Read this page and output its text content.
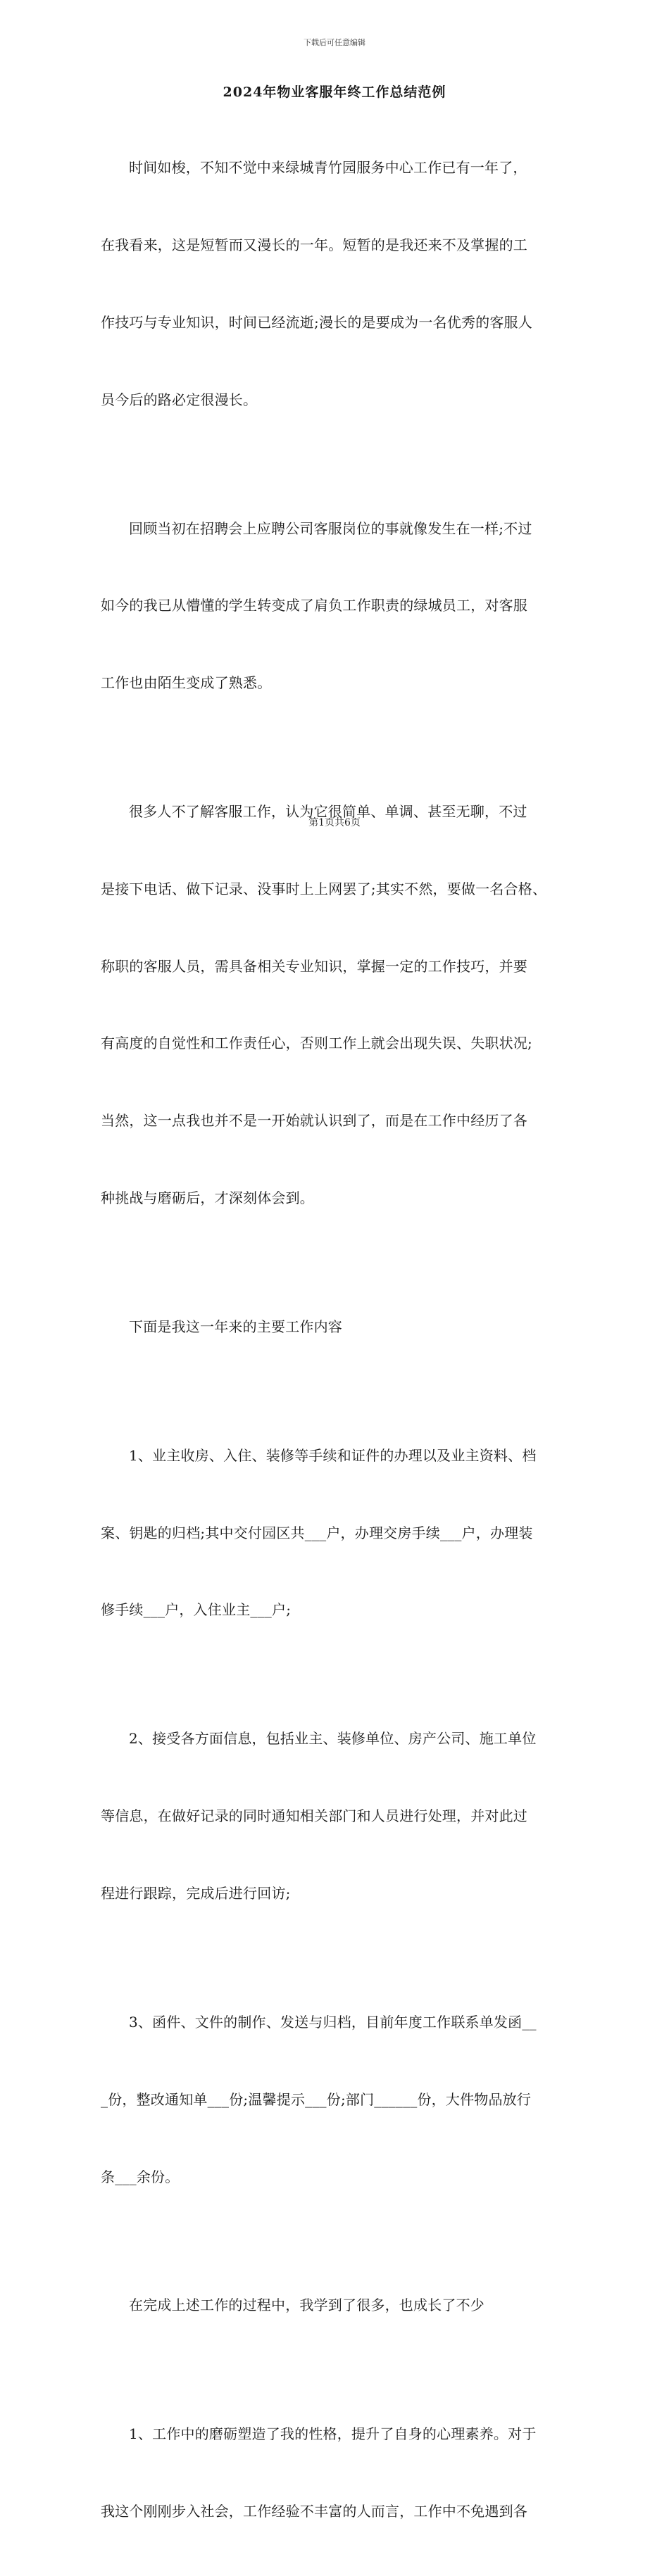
下载后可任意编辑
2024年物业客服年终工作总结范例

时间如梭，不知不觉中来绿城青竹园服务中心工作已有一年了，

在我看来，这是短暂而又漫长的一年。短暂的是我还来不及掌握的工

作技巧与专业知识，时间已经流逝;漫长的是要成为一名优秀的客服人

员今后的路必定很漫长。

回顾当初在招聘会上应聘公司客服岗位的事就像发生在一样;不过

如今的我已从懵懂的学生转变成了肩负工作职责的绿城员工，对客服

工作也由陌生变成了熟悉。

很多人不了解客服工作，认为它很简单、单调、甚至无聊，不过

是接下电话、做下记录、没事时上上网罢了;其实不然，要做一名合格、

称职的客服人员，需具备相关专业知识，掌握一定的工作技巧，并要

有高度的自觉性和工作责任心，否则工作上就会出现失误、失职状况;

当然，这一点我也并不是一开始就认识到了，而是在工作中经历了各

种挑战与磨砺后，才深刻体会到。

下面是我这一年来的主要工作内容

1、业主收房、入住、装修等手续和证件的办理以及业主资料、档

案、钥匙的归档;其中交付园区共___户，办理交房手续___户，办理装

修手续___户，入住业主___户;

2、接受各方面信息，包括业主、装修单位、房产公司、施工单位

等信息，在做好记录的同时通知相关部门和人员进行处理，并对此过

程进行跟踪，完成后进行回访;

3、函件、文件的制作、发送与归档，目前年度工作联系单发函__

_份，整改通知单___份;温馨提示___份;部门______份，大件物品放行

条___余份。

在完成上述工作的过程中，我学到了很多，也成长了不少

1、工作中的磨砺塑造了我的性格，提升了自身的心理素养。对于

我这个刚刚步入社会，工作经验不丰富的人而言，工作中不免遇到各

第1页共6页
